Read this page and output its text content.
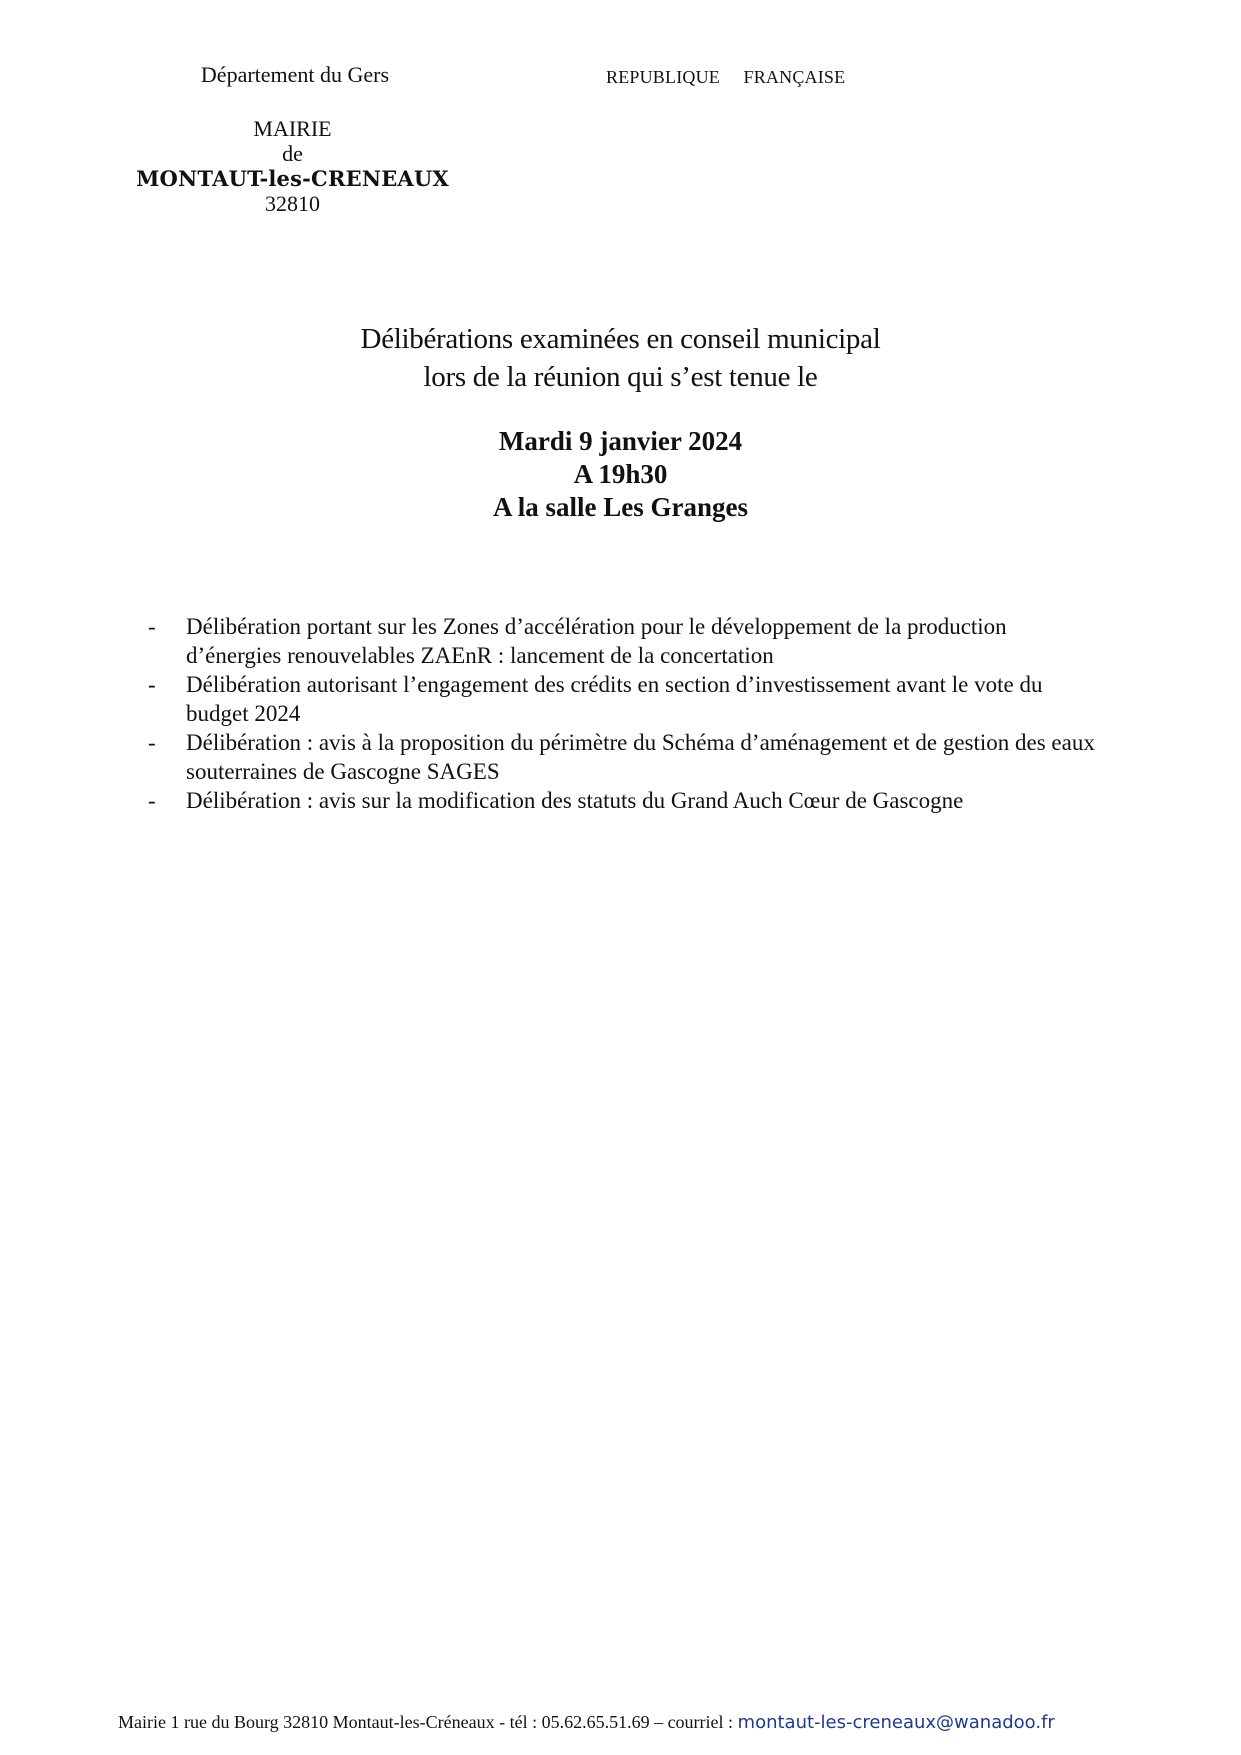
Département du Gers	REPUBLIQUE     FRANÇAISE
MAIRIE
de
MONTAUT-les-CRENEAUX
32810
Délibérations examinées en conseil municipal
lors de la réunion qui s’est tenue le
Mardi 9 janvier 2024
A 19h30
A la salle Les Granges
- Délibération portant sur les Zones d’accélération pour le développement de la production d’énergies renouvelables ZAEnR : lancement de la concertation
- Délibération autorisant l’engagement des crédits en section d’investissement avant le vote du budget 2024
- Délibération : avis à la proposition du périmètre du Schéma d’aménagement et de gestion des eaux souterraines de Gascogne SAGES
- Délibération : avis sur la modification des statuts du Grand Auch Cœur de Gascogne
Mairie 1 rue du Bourg 32810 Montaut-les-Créneaux - tél : 05.62.65.51.69 – courriel : montaut-les-creneaux@wanadoo.fr
